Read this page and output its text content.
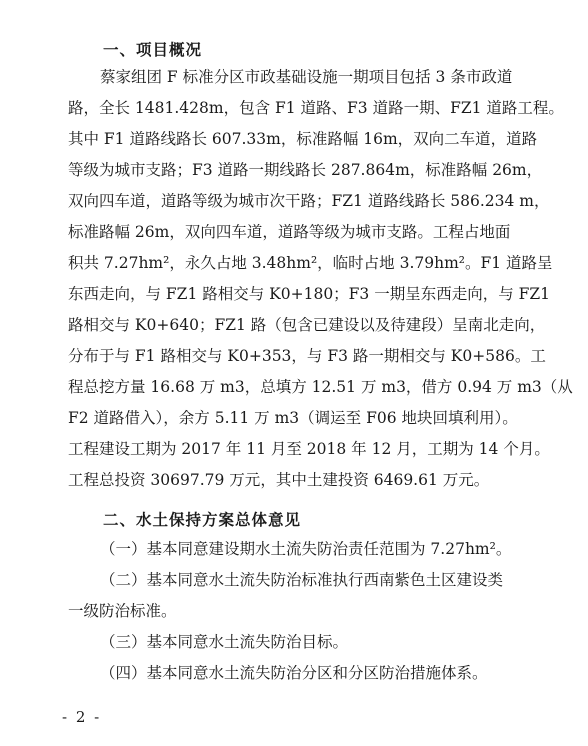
一、项目概况
蔡家组团 F 标准分区市政基础设施一期项目包括 3 条市政道
路，全长 1481.428m，包含 F1 道路、F3 道路一期、FZ1 道路工程。
其中 F1 道路线路长 607.33m，标准路幅 16m，双向二车道，道路
等级为城市支路；F3 道路一期线路长 287.864m，标准路幅 26m，
双向四车道，道路等级为城市次干路；FZ1 道路线路长 586.234 m，
标准路幅 26m，双向四车道，道路等级为城市支路。工程占地面
积共 7.27hm²，永久占地 3.48hm²，临时占地 3.79hm²。F1 道路呈
东西走向，与 FZ1 路相交与 K0+180；F3 一期呈东西走向，与 FZ1
路相交与 K0+640；FZ1 路（包含已建设以及待建段）呈南北走向，
分布于与 F1 路相交与 K0+353，与 F3 路一期相交与 K0+586。工
程总挖方量 16.68 万 m3，总填方 12.51 万 m3，借方 0.94 万 m3（从
F2 道路借入），余方 5.11 万 m3（调运至 F06 地块回填利用）。
工程建设工期为 2017 年 11 月至 2018 年 12 月，工期为 14 个月。
工程总投资 30697.79 万元，其中土建投资 6469.61 万元。
二、水土保持方案总体意见
（一）基本同意建设期水土流失防治责任范围为 7.27hm²。
（二）基本同意水土流失防治标准执行西南紫色土区建设类
一级防治标准。
（三）基本同意水土流失防治目标。
（四）基本同意水土流失防治分区和分区防治措施体系。
- 2 -
